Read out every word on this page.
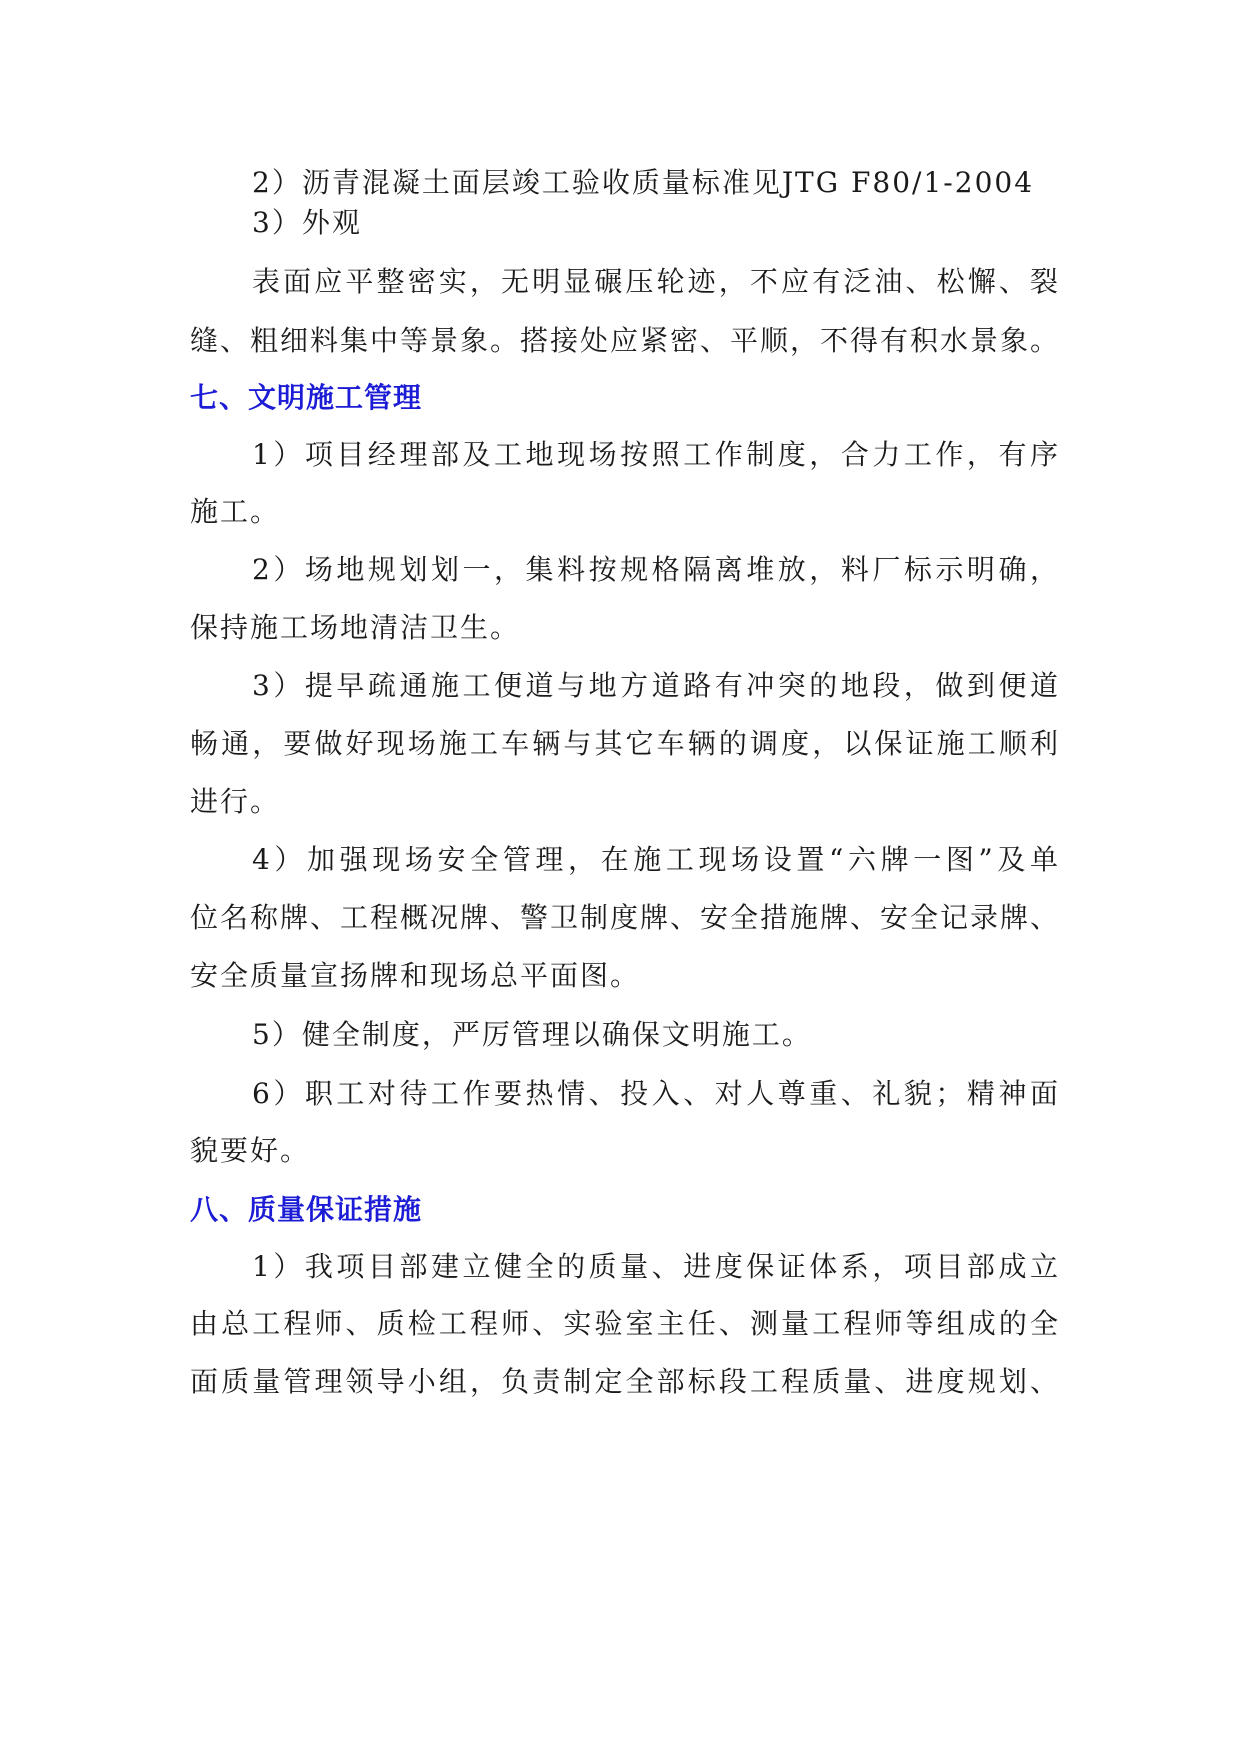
2）沥青混凝土面层竣工验收质量标准见JTG F80/1-2004
3）外观
表面应平整密实，无明显碾压轮迹，不应有泛油、松懈、裂
缝、粗细料集中等景象。搭接处应紧密、平顺，不得有积水景象。
七、文明施工管理
1）项目经理部及工地现场按照工作制度，合力工作，有序
施工。
2）场地规划划一，集料按规格隔离堆放，料厂标示明确，
保持施工场地清洁卫生。
3）提早疏通施工便道与地方道路有冲突的地段，做到便道
畅通，要做好现场施工车辆与其它车辆的调度，以保证施工顺利
进行。
4）加强现场安全管理，在施工现场设置“六牌一图”及单
位名称牌、工程概况牌、警卫制度牌、安全措施牌、安全记录牌、
安全质量宣扬牌和现场总平面图。
5）健全制度，严厉管理以确保文明施工。
6）职工对待工作要热情、投入、对人尊重、礼貌；精神面
貌要好。
八、质量保证措施
1）我项目部建立健全的质量、进度保证体系，项目部成立
由总工程师、质检工程师、实验室主任、测量工程师等组成的全
面质量管理领导小组，负责制定全部标段工程质量、进度规划、
